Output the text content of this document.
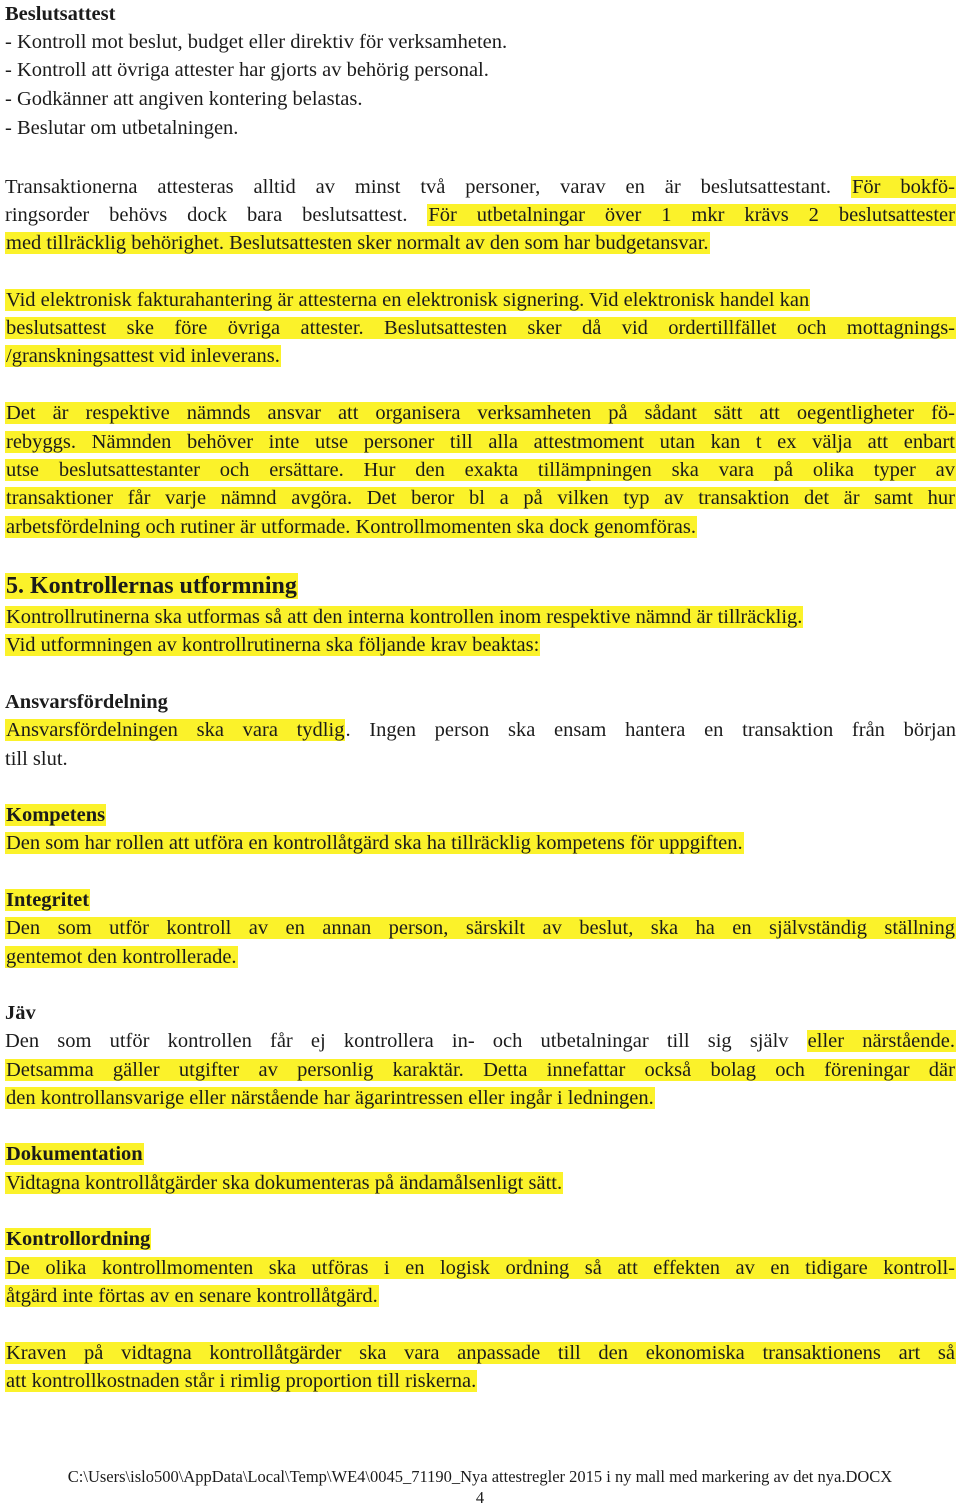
Beslutsattest
- Kontroll mot beslut, budget eller direktiv för verksamheten.
- Kontroll att övriga attester har gjorts av behörig personal.
- Godkänner att angiven kontering belastas.
- Beslutar om utbetalningen.
Transaktionerna attesteras alltid av minst två personer, varav en är beslutsattestant. För bokfö-
ringsorder behövs dock bara beslutsattest. För utbetalningar över 1 mkr krävs 2 beslutsattester
med tillräcklig behörighet. Beslutsattesten sker normalt av den som har budgetansvar.
Vid elektronisk fakturahantering är attesterna en elektronisk signering. Vid elektronisk handel kan
beslutsattest ske före övriga attester. Beslutsattesten sker då vid ordertillfället och mottagnings-
/granskningsattest vid inleverans.
Det är respektive nämnds ansvar att organisera verksamheten på sådant sätt att oegentligheter fö-
rebyggs. Nämnden behöver inte utse personer till alla attestmoment utan kan t ex välja att enbart
utse beslutsattestanter och ersättare. Hur den exakta tillämpningen ska vara på olika typer av
transaktioner får varje nämnd avgöra. Det beror bl a på vilken typ av transaktion det är samt hur
arbetsfördelning och rutiner är utformade. Kontrollmomenten ska dock genomföras.
5. Kontrollernas utformning
Kontrollrutinerna ska utformas så att den interna kontrollen inom respektive nämnd är tillräcklig.
Vid utformningen av kontrollrutinerna ska följande krav beaktas:
Ansvarsfördelning
Ansvarsfördelningen ska vara tydlig. Ingen person ska ensam hantera en transaktion från början
till slut.
Kompetens
Den som har rollen att utföra en kontrollåtgärd ska ha tillräcklig kompetens för uppgiften.
Integritet
Den som utför kontroll av en annan person, särskilt av beslut, ska ha en självständig ställning
gentemot den kontrollerade.
Jäv
Den som utför kontrollen får ej kontrollera in- och utbetalningar till sig själv eller närstående.
Detsamma gäller utgifter av personlig karaktär. Detta innefattar också bolag och föreningar där
den kontrollansvarige eller närstående har ägarintressen eller ingår i ledningen.
Dokumentation
Vidtagna kontrollåtgärder ska dokumenteras på ändamålsenligt sätt.
Kontrollordning
De olika kontrollmomenten ska utföras i en logisk ordning så att effekten av en tidigare kontroll-
åtgärd inte förtas av en senare kontrollåtgärd.
Kraven på vidtagna kontrollåtgärder ska vara anpassade till den ekonomiska transaktionens art så
att kontrollkostnaden står i rimlig proportion till riskerna.
C:\Users\islo500\AppData\Local\Temp\WE4\0045_71190_Nya attestregler 2015 i ny mall med markering av det nya.DOCX
4
